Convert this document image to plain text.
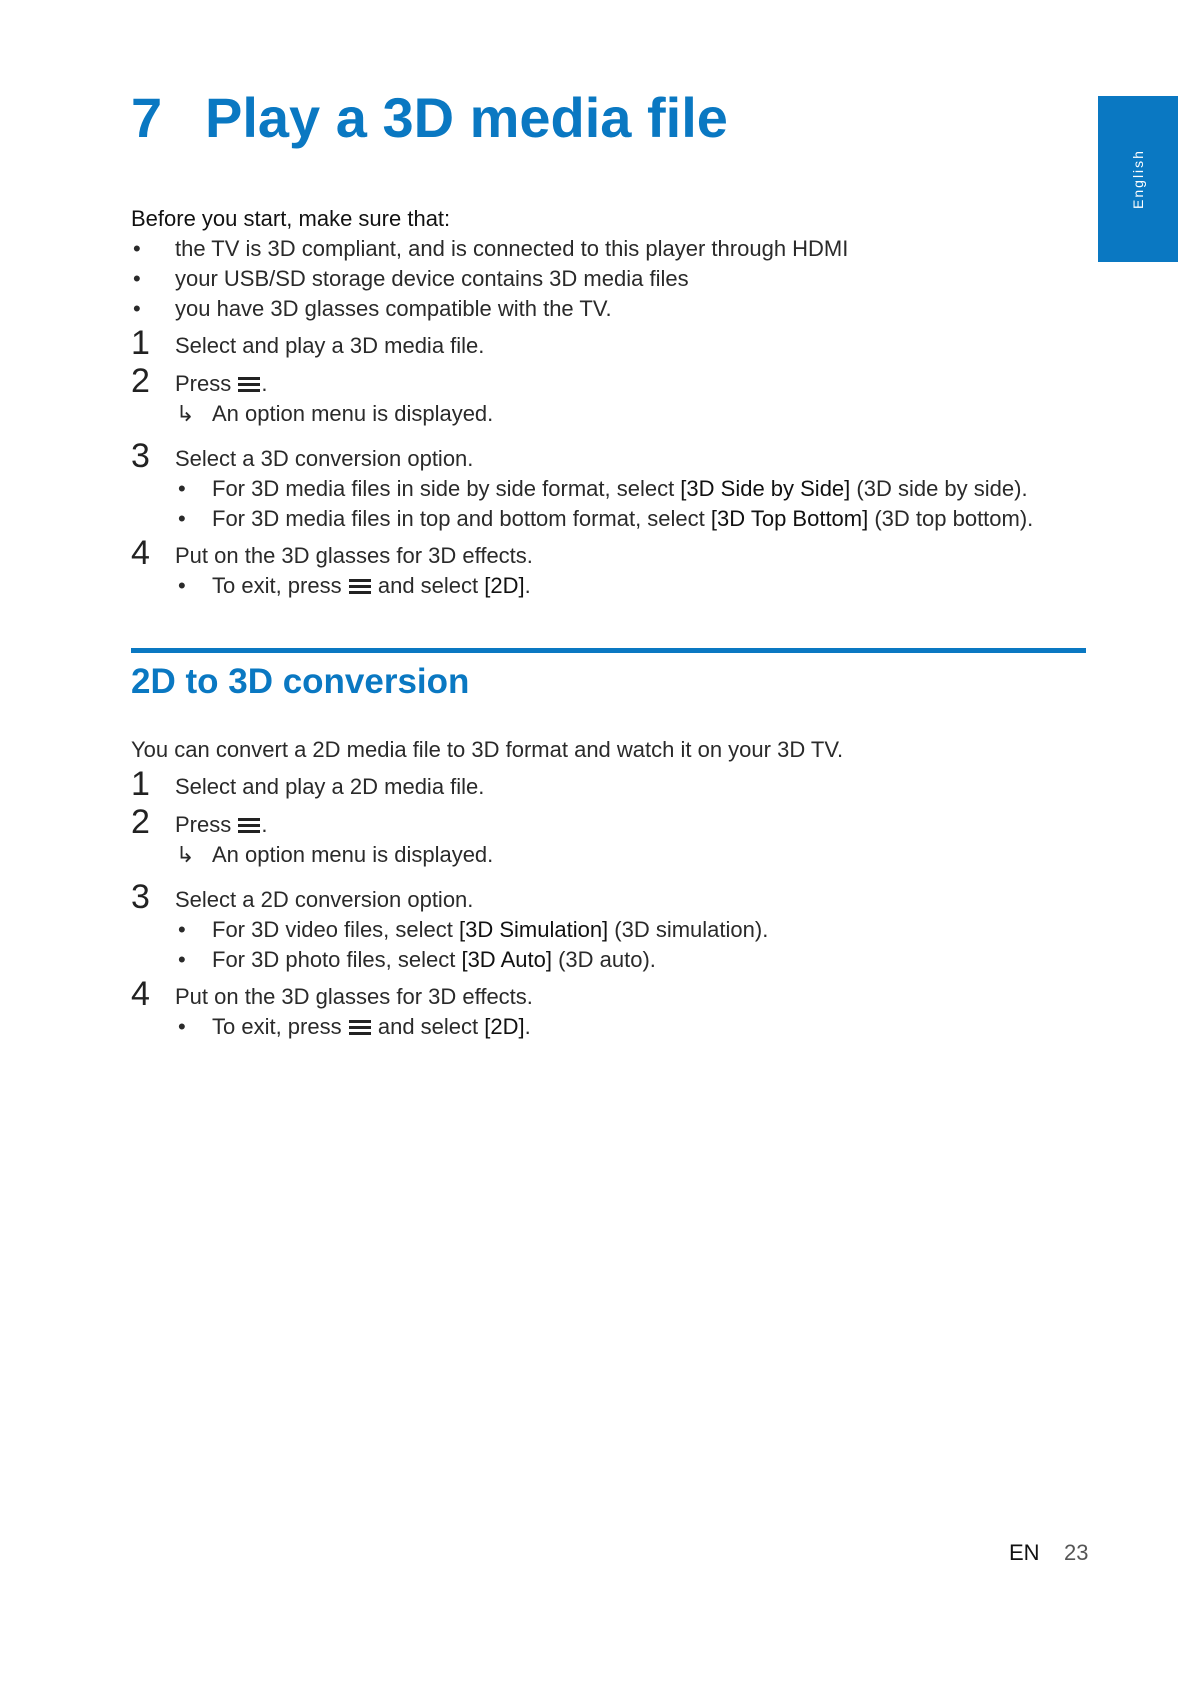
English
7 Play a 3D media file
Before you start, make sure that:
• the TV is 3D compliant, and is connected to this player through HDMI
• your USB/SD storage device contains 3D media files
• you have 3D glasses compatible with the TV.
1 Select and play a 3D media file.
2 Press .
↳ An option menu is displayed.
3 Select a 3D conversion option.
• For 3D media files in side by side format, select [3D Side by Side] (3D side by side).
• For 3D media files in top and bottom format, select [3D Top Bottom] (3D top bottom).
4 Put on the 3D glasses for 3D effects.
• To exit, press
and select [2D].
2D to 3D conversion
You can convert a 2D media file to 3D format and watch it on your 3D TV.
1 Select and play a 2D media file.
2 Press .
↳ An option menu is displayed.
3 Select a 2D conversion option.
• For 3D video files, select [3D Simulation] (3D simulation).
• For 3D photo files, select [3D Auto] (3D auto).
4 Put on the 3D glasses for 3D effects.
• To exit, press
and select [2D].
EN 23
